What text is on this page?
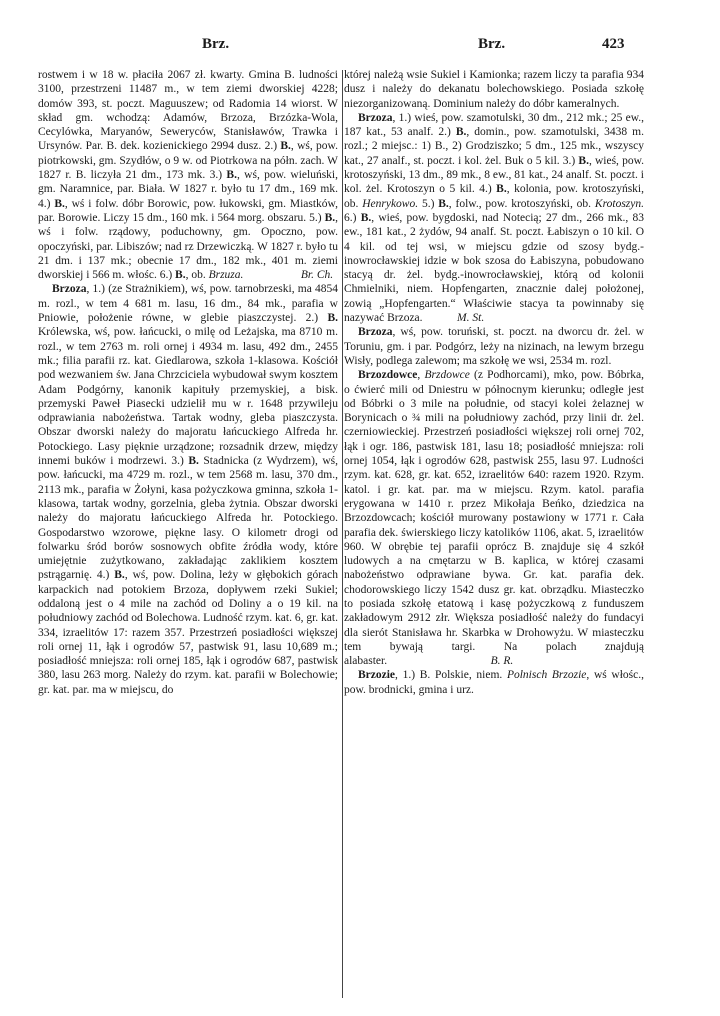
Brz.	Brz.	423

rostwem i w 18 w. płaciła 2067 zł. kwarty. Gmina B. ludności 3100, przestrzeni 11487 m., w tem ziemi dworskiej 4228; domów 393, st. poczt. Maguuszew; od Radomia 14 wiorst. W skład gm. wchodzą: Adamów, Brzoza, Brzózka-Wola, Cecylówka, Maryanów, Seweryców, Stanisławów, Trawka i Ursynów. Par. B. dek. kozienickiego 2994 dusz. 2.) B., wś, pow. piotrkowski, gm. Szydłów, o 9 w. od Piotrkowa na półn. zach. W 1827 r. B. liczyła 21 dm., 173 mk. 3.) B., wś, pow. wieluński, gm. Naramnice, par. Biała. W 1827 r. było tu 17 dm., 169 mk. 4.) B., wś i folw. dóbr Borowic, pow. łukowski, gm. Miastków, par. Borowie. Liczy 15 dm., 160 mk. i 564 morg. obszaru. 5.) B., wś i folw. rządowy, poduchowny, gm. Opoczno, pow. opoczyński, par. Libiszów; nad rz Drzewiczką. W 1827 r. było tu 21 dm. i 137 mk.; obecnie 17 dm., 182 mk., 401 m. ziemi dworskiej i 566 m. włośc. 6.) B., ob. Brzuza.     	Br. Ch.

Brzoza, 1.) (ze Strażnikiem), wś, pow. tarnobrzeski, ma 4854 m. rozl., w tem 4 681 m. lasu, 16 dm., 84 mk., parafia w Pniowie, położenie równe, w glebie piaszczystej. 2.) B. Królewska, wś, pow. łańcucki, o milę od Leżajska, ma 8710 m. rozl., w tem 2763 m. roli ornej i 4934 m. lasu, 492 dm., 2455 mk.; filia parafii rz. kat. Giedlarowa, szkoła 1-klasowa. Kościół pod wezwaniem św. Jana Chrzciciela wybudował swym kosztem Adam Podgórny, kanonik kapituły przemyskiej, a bisk. przemyski Paweł Piasecki udzielił mu w r. 1648 przywileju odprawiania nabożeństwa. Tartak wodny, gleba piaszczysta. Obszar dworski należy do majoratu łańcuckiego Alfreda hr. Potockiego. Lasy pięknie urządzone; rozsadnik drzew, między innemi buków i modrzewi. 3.) B. Stadnicka (z Wydrzem), wś, pow. łańcucki, ma 4729 m. rozl., w tem 2568 m. lasu, 370 dm., 2113 mk., parafia w Żołyni, kasa pożyczkowa gminna, szkoła 1-klasowa, tartak wodny, gorzelnia, gleba żytnia. Obszar dworski należy do majoratu łańcuckiego Alfreda hr. Potockiego. Gospodarstwo wzorowe, piękne lasy. O kilometr drogi od folwarku śród borów sosnowych obfite źródła wody, które umiejętnie zużytkowano, zakładając zaklikiem kosztem pstrągarnię. 4.) B., wś, pow. Dolina, leży w głębokich górach karpackich nad potokiem Brzoza, dopływem rzeki Sukiel; oddaloną jest o 4 mile na zachód od Doliny a o 19 kil. na południowy zachód od Bolechowa. Ludność rzym. kat. 6, gr. kat. 334, izraelitów 17: razem 357. Przestrzeń posiadłości większej roli ornej 11, łąk i ogrodów 57, pastwisk 91, lasu 10,689 m.; posiadłość mniejsza: roli ornej 185, łąk i ogrodów 687, pastwisk 380, lasu 263 morg. Należy do rzym. kat. parafii w Bolechowie; gr. kat. par. ma w miejscu, do

której należą wsie Sukiel i Kamionka; razem liczy ta parafia 934 dusz i należy do dekanatu bolechowskiego. Posiada szkołę niezorganizowaną. Dominium należy do dóbr kameralnych.

Brzoza, 1.) wieś, pow. szamotulski, 30 dm., 212 mk.; 25 ew., 187 kat., 53 analf. 2.) B., domin., pow. szamotulski, 3438 m. rozl.; 2 miejsc.: 1) B., 2) Grodziszko; 5 dm., 125 mk., wszyscy kat., 27 analf., st. poczt. i kol. żel. Buk o 5 kil. 3.) B., wieś, pow. krotoszyński, 13 dm., 89 mk., 8 ew., 81 kat., 24 analf. St. poczt. i kol. żel. Krotoszyn o 5 kil. 4.) B., kolonia, pow. krotoszyński, ob. Henrykowo. 5.) B., folw., pow. krotoszyński, ob. Krotoszyn. 6.) B., wieś, pow. bygdoski, nad Notecią; 27 dm., 266 mk., 83 ew., 181 kat., 2 żydów, 94 analf. St. poczt. Łabiszyn o 10 kil. O 4 kil. od tej wsi, w miejscu gdzie od szosy bydg.-inowrocławskiej idzie w bok szosa do Łabiszyna, pobudowano stacyą dr. żel. bydg.-inowrocławskiej, którą od kolonii Chmielniki, niem. Hopfengarten, znacznie dalej położonej, zowią „Hopfengarten.“ Właściwie stacya ta powinnaby się nazywać Brzoza.   M. St.

Brzoza, wś, pow. toruński, st. poczt. na dworcu dr. żel. w Toruniu, gm. i par. Podgórz, leży na nizinach, na lewym brzegu Wisły, podlega zalewom; ma szkołę we wsi, 2534 m. rozl.

Brzozdowce, Brzdowce (z Podhorcami), mko, pow. Bóbrka, o ćwierć mili od Dniestru w północnym kierunku; odległe jest od Bóbrki o 3 mile na południe, od stacyi kolei żelaznej w Borynicach o ¾ mili na południowy zachód, przy linii dr. żel. czerniowieckiej. Przestrzeń posiadłości większej roli ornej 702, łąk i ogr. 186, pastwisk 181, lasu 18; posiadłość mniejsza: roli ornej 1054, łąk i ogrodów 628, pastwisk 255, lasu 97. Ludności rzym. kat. 628, gr. kat. 652, izraelitów 640: razem 1920. Rzym. katol. i gr. kat. par. ma w miejscu. Rzym. katol. parafia erygowana w 1410 r. przez Mikołaja Beńko, dziedzica na Brzozdowcach; kościół murowany postawiony w 1771 r. Cała parafia dek. świerskiego liczy katolików 1106, akat. 5, izraelitów 960. W obrębie tej parafii oprócz B. znajduje się 4 szkół ludowych a na cmętarzu w B. kaplica, w której czasami nabożeństwo odprawiane bywa. Gr. kat. parafia dek. chodorowskiego liczy 1542 dusz gr. kat. obrządku. Miasteczko to posiada szkołę etatową i kasę pożyczkową z funduszem zakładowym 2912 złr. Większa posiadłość należy do fundacyi dla sierót Stanisława hr. Skarbka w Drohowyżu. W miasteczku tem bywają targi. Na polach znajdują alabaster.         B. R.

Brzozie, 1.) B. Polskie, niem. Polnisch Brzozie, wś włośc., pow. brodnicki, gmina i urz.
